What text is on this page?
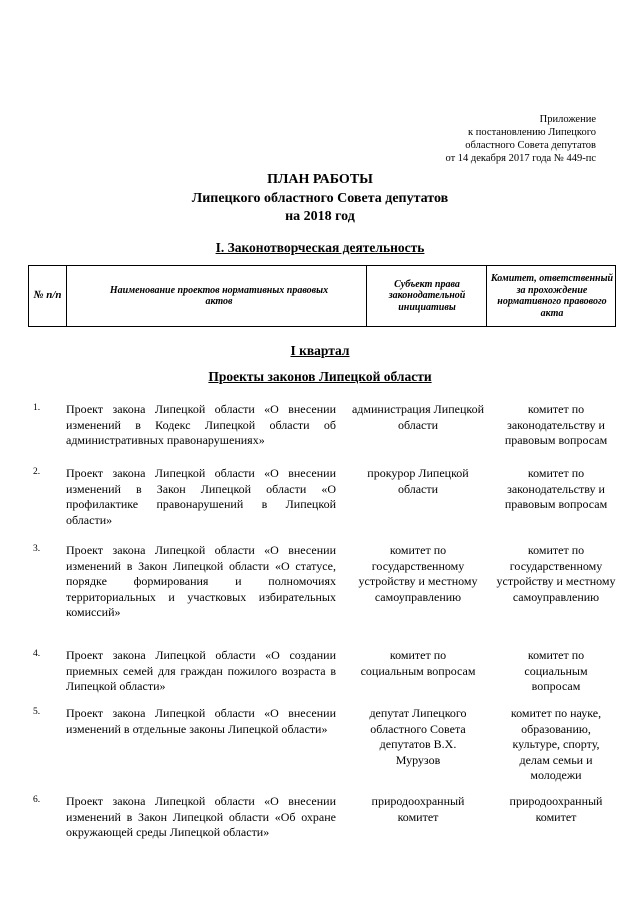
Приложение
к постановлению Липецкого
областного Совета депутатов
от 14 декабря 2017 года № 449-пс
ПЛАН РАБОТЫ
Липецкого областного Совета депутатов
на 2018 год
I. Законотворческая деятельность
№ п/п	Наименование проектов нормативных правовых актов
Субъект права законодательной инициативы
Комитет, ответственный за прохождение нормативного правового акта
I квартал
Проекты законов Липецкой области
1. Проект закона Липецкой области «О внесении изменений в Кодекс Липецкой области об административных правонарушениях»
администрация Липецкой области
комитет по законодательству и правовым вопросам
2. Проект закона Липецкой области «О внесении изменений в Закон Липецкой области «О профилактике правонарушений в Липецкой области»
прокурор Липецкой области
комитет по законодательству и правовым вопросам
3. Проект закона Липецкой области «О внесении изменений в Закон Липецкой области «О статусе, порядке формирования и полномочиях территориальных и участковых избирательных комиссий»
комитет по государственному устройству и местному самоуправлению
комитет по государственному устройству и местному самоуправлению
4. Проект закона Липецкой области «О создании приемных семей для граждан пожилого возраста в Липецкой области»
комитет по социальным вопросам
комитет по социальным вопросам
5. Проект закона Липецкой области «О внесении изменений в отдельные законы Липецкой области»
депутат Липецкого областного Совета депутатов В.Х. Мурузов
комитет по науке, образованию, культуре, спорту, делам семьи и молодежи
6. Проект закона Липецкой области «О внесении изменений в Закон Липецкой области «Об охране окружающей среды Липецкой области»
природоохранный комитет
природоохранный комитет
